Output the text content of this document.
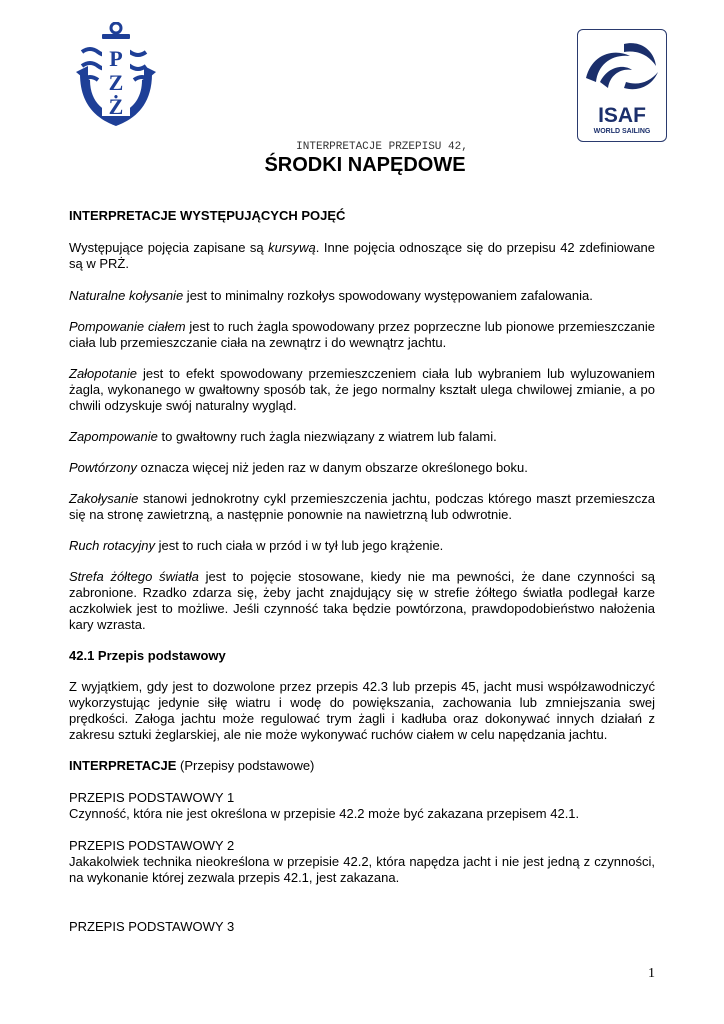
P
Z
Ż	ISAF
WORLD SAILING
INTERPRETACJE PRZEPISU 42,
ŚRODKI NAPĘDOWE

INTERPRETACJE WYSTĘPUJĄCYCH POJĘĆ

Występujące pojęcia zapisane są kursywą. Inne pojęcia odnoszące się do przepisu 42 zdefiniowane są w PRŻ.

Naturalne kołysanie jest to minimalny rozkołys spowodowany występowaniem zafalowania.

Pompowanie ciałem jest to ruch żagla spowodowany przez poprzeczne lub pionowe przemieszczanie ciała lub przemieszczanie ciała na zewnątrz i do wewnątrz jachtu.

Załopotanie jest to efekt spowodowany przemieszczeniem ciała lub wybraniem lub wyluzowaniem żagla, wykonanego w gwałtowny sposób tak, że jego normalny kształt ulega chwilowej zmianie, a po chwili odzyskuje swój naturalny wygląd.

Zapompowanie to gwałtowny ruch żagla niezwiązany z wiatrem lub falami.

Powtórzony oznacza więcej niż jeden raz w danym obszarze określonego boku.

Zakołysanie stanowi jednokrotny cykl przemieszczenia jachtu, podczas którego maszt przemieszcza się na stronę zawietrzną, a następnie ponownie na nawietrzną lub odwrotnie.

Ruch rotacyjny jest to ruch ciała w przód i w tył lub jego krążenie.

Strefa żółtego światła jest to pojęcie stosowane, kiedy nie ma pewności, że dane czynności są zabronione. Rzadko zdarza się, żeby jacht znajdujący się w strefie żółtego światła podlegał karze aczkolwiek jest to możliwe. Jeśli czynność taka będzie powtórzona, prawdopodobieństwo nałożenia kary wzrasta.

42.1 Przepis podstawowy

Z wyjątkiem, gdy jest to dozwolone przez przepis 42.3 lub przepis 45, jacht musi współzawodniczyć wykorzystując jedynie siłę wiatru i wodę do powiększania, zachowania lub zmniejszania swej prędkości. Załoga jachtu może regulować trym żagli i kadłuba oraz dokonywać innych działań z zakresu sztuki żeglarskiej, ale nie może wykonywać ruchów ciałem w celu napędzania jachtu.

INTERPRETACJE (Przepisy podstawowe)

PRZEPIS PODSTAWOWY 1

Czynność, która nie jest określona w przepisie 42.2 może być zakazana przepisem 42.1.

PRZEPIS PODSTAWOWY 2

Jakakolwiek technika nieokreślona w przepisie 42.2, która napędza jacht i nie jest jedną z czynności, na wykonanie której zezwala przepis 42.1, jest zakazana.

PRZEPIS PODSTAWOWY 3

1
